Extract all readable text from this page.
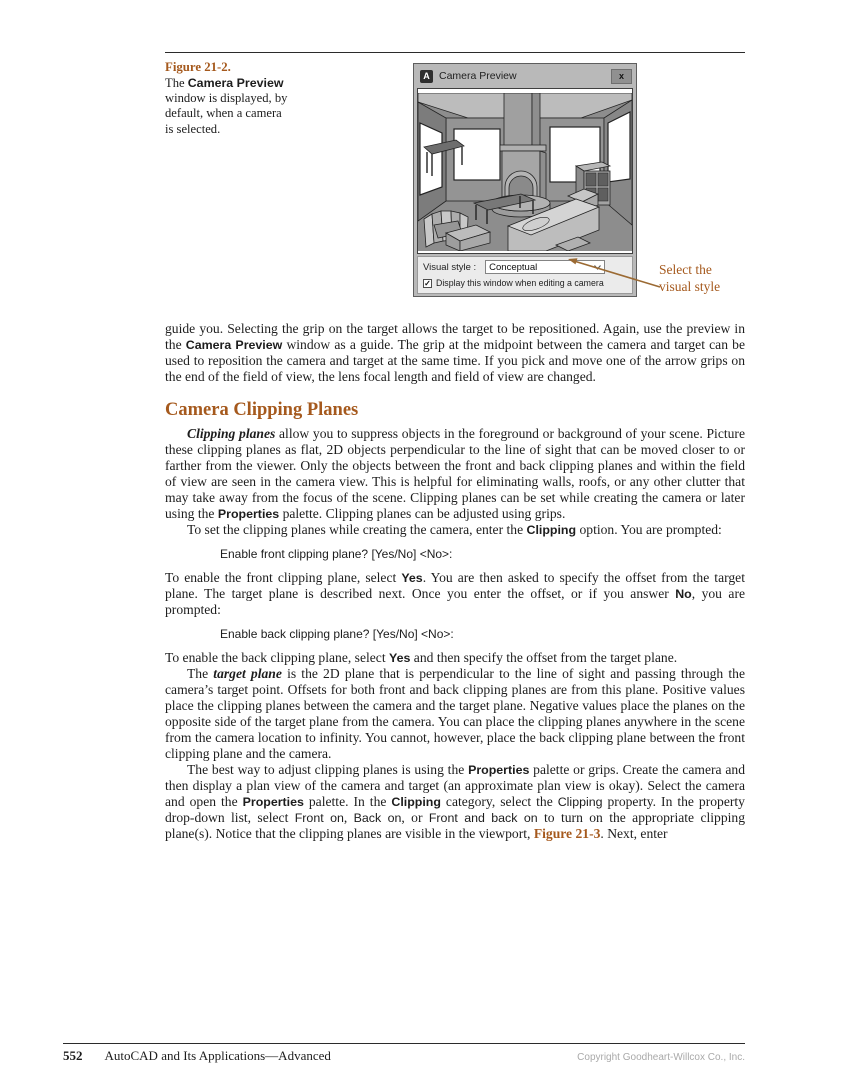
Figure 21-2.
The Camera Preview window is displayed, by default, when a camera is selected.
A Camera Preview	x
Visual style : Conceptual
✓ Display this window when editing a camera
Select the
visual style

guide you. Selecting the grip on the target allows the target to be repositioned. Again, use the preview in the Camera Preview window as a guide. The grip at the midpoint between the camera and target can be used to reposition the camera and target at the same time. If you pick and move one of the arrow grips on the end of the field of view, the lens focal length and field of view are changed.

Camera Clipping Planes

Clipping planes allow you to suppress objects in the foreground or background of your scene. Picture these clipping planes as flat, 2D objects perpendicular to the line of sight that can be moved closer to or farther from the viewer. Only the objects between the front and back clipping planes and within the field of view are seen in the camera view. This is helpful for eliminating walls, roofs, or any other clutter that may take away from the focus of the scene. Clipping planes can be set while creating the camera or later using the Properties palette. Clipping planes can be adjusted using grips.

To set the clipping planes while creating the camera, enter the Clipping option. You are prompted:

Enable front clipping plane? [Yes/No] <No>:

To enable the front clipping plane, select Yes. You are then asked to specify the offset from the target plane. The target plane is described next. Once you enter the offset, or if you answer No, you are prompted:

Enable back clipping plane? [Yes/No] <No>:

To enable the back clipping plane, select Yes and then specify the offset from the target plane.

The target plane is the 2D plane that is perpendicular to the line of sight and passing through the camera’s target point. Offsets for both front and back clipping planes are from this plane. Positive values place the clipping planes between the camera and the target plane. Negative values place the planes on the opposite side of the target plane from the camera. You can place the clipping planes anywhere in the scene from the camera location to infinity. You cannot, however, place the back clipping plane between the front clipping plane and the camera.

The best way to adjust clipping planes is using the Properties palette or grips. Create the camera and then display a plan view of the camera and target (an approximate plan view is okay). Select the camera and open the Properties palette. In the Clipping category, select the Clipping property. In the property drop-down list, select Front on, Back on, or Front and back on to turn on the appropriate clipping plane(s). Notice that the clipping planes are visible in the viewport, Figure 21-3. Next, enter

552 AutoCAD and Its Applications—Advanced	Copyright Goodheart-Willcox Co., Inc.
